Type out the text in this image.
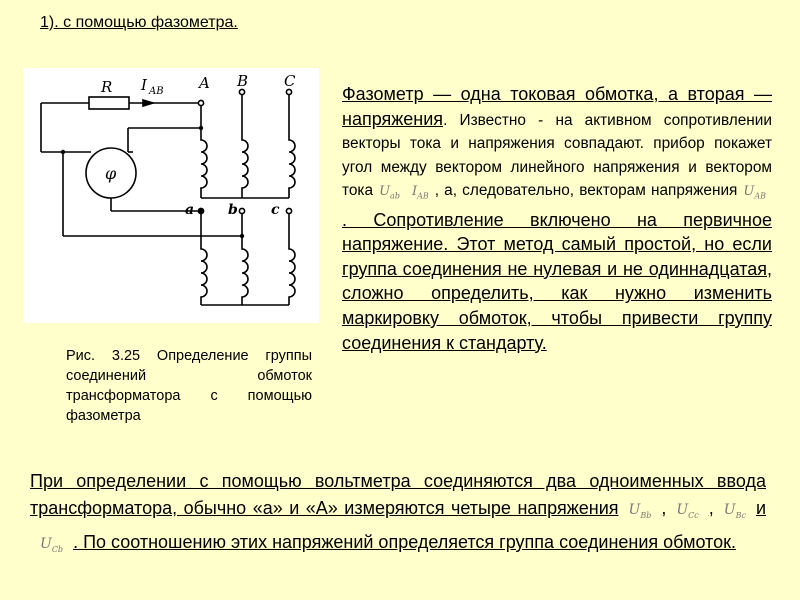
1). с помощью фазометра.
R I AB A B C
a b c
φ
Рис. 3.25 Определение группы соединений обмоток трансформатора с помощью фазометра
Фазометр — одна токовая обмотка, а вторая — напряжения. Известно - на активном сопротивлении векторы тока и напряжения совпадают. прибор покажет угол между вектором линейного напряжения и вектором тока $U_{ab}$ $I_{AB}$ , а, следовательно, векторам напряжения $U_{AB}$. Сопротивление включено на первичное напряжение. Этот метод самый простой, но если группа соединения не нулевая и не одиннадцатая, сложно определить, как нужно изменить маркировку обмоток, чтобы привести группу соединения к стандарту.
При определении с помощью вольтметра соединяются два одноименных ввода трансформатора, обычно «а» и «А» измеряются четыре напряжения $U_{Bb}$ , $U_{Cc}$ , $U_{Bc}$ $иU_{Cb}$ . По соотношению этих напряжений определяется группа соединения обмоток.
